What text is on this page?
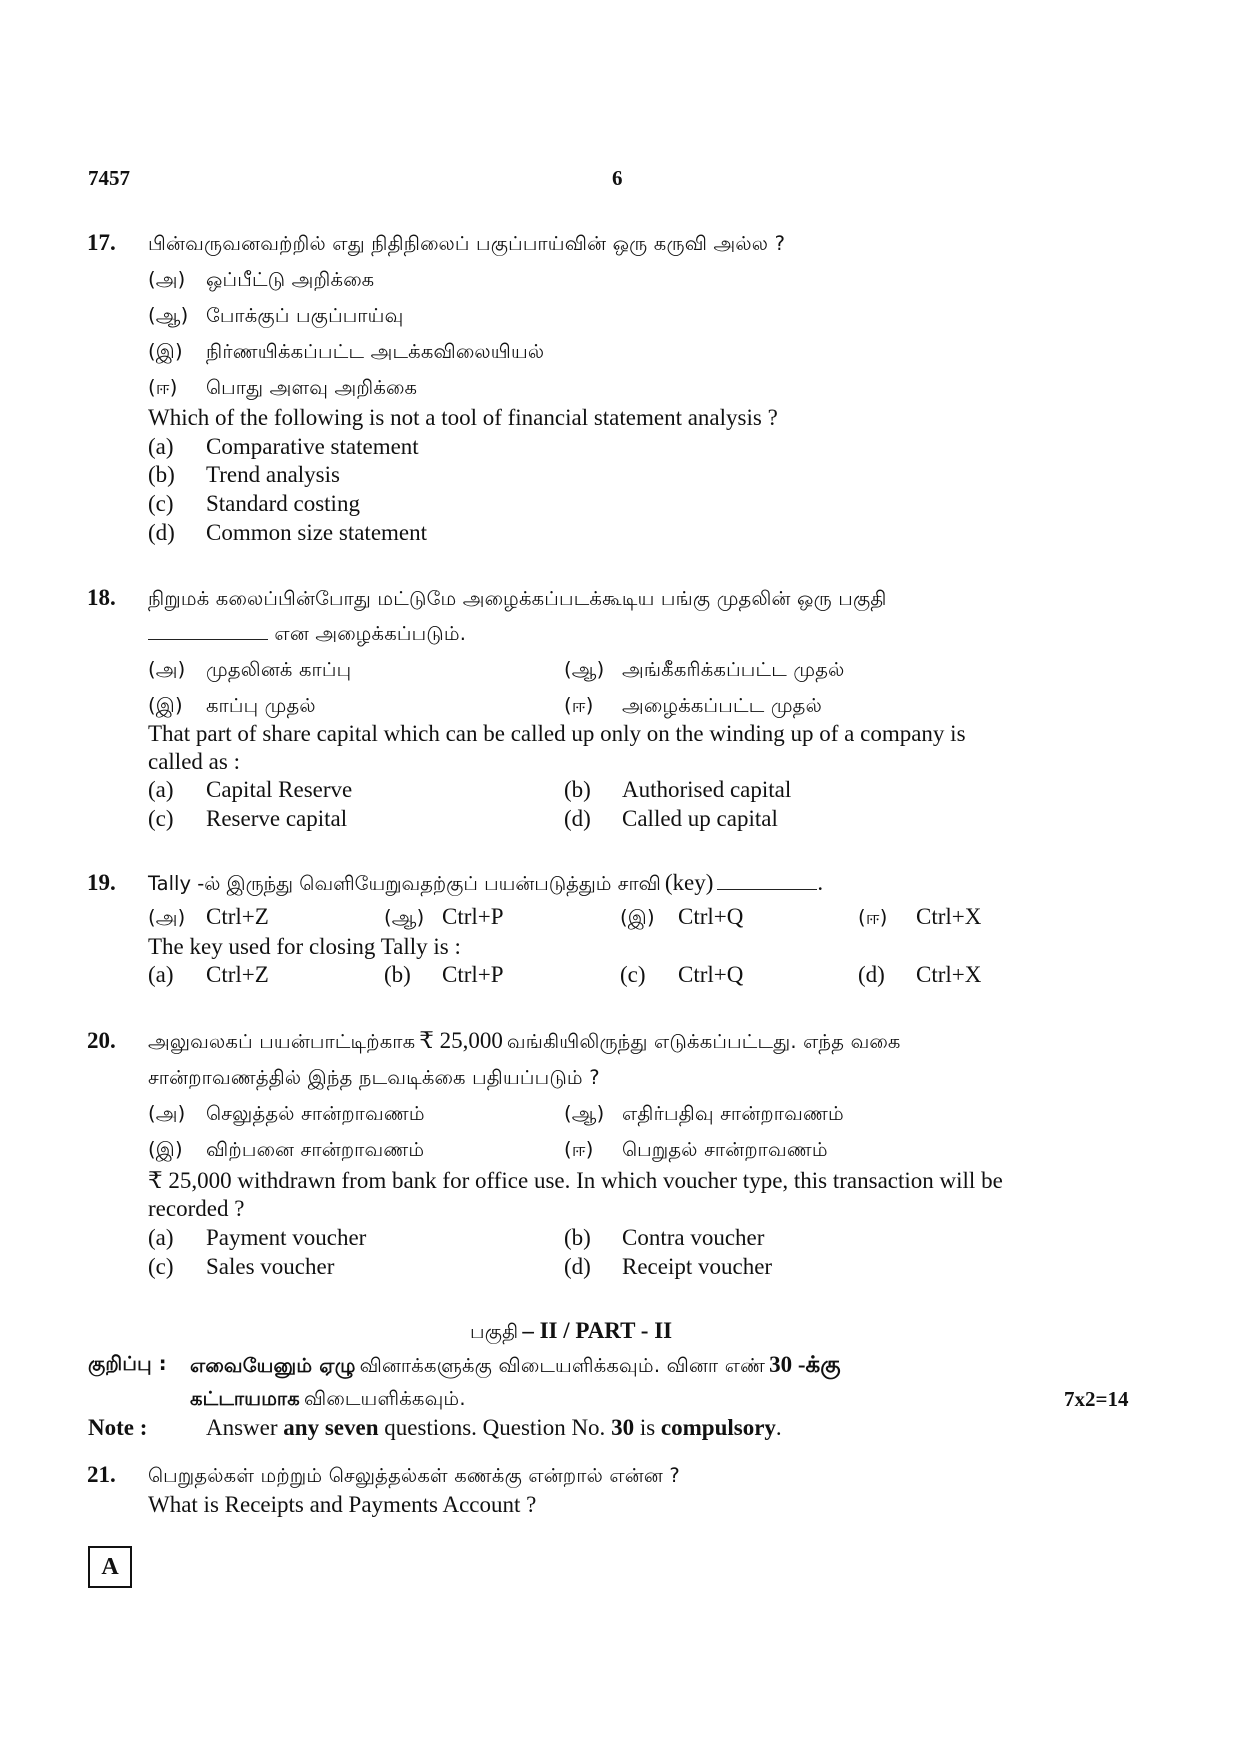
7457	6
17. பின்வருவனவற்றில் எது நிதிநிலைப் பகுப்பாய்வின் ஒரு கருவி அல்ல ?
(அ) ஒப்பீட்டு அறிக்கை
(ஆ) போக்குப் பகுப்பாய்வு
(இ) நிர்ணயிக்கப்பட்ட அடக்கவிலையியல்
(ஈ) பொது அளவு அறிக்கை
Which of the following is not a tool of financial statement analysis ?
(a) Comparative statement
(b) Trend analysis
(c) Standard costing
(d) Common size statement
18. நிறுமக் கலைப்பின்போது மட்டுமே அழைக்கப்படக்கூடிய பங்கு முதலின் ஒரு பகுதி
என அழைக்கப்படும்.
(அ) முதலினக் காப்பு	(ஆ) அங்கீகரிக்கப்பட்ட முதல்
(இ) காப்பு முதல்	(ஈ) அழைக்கப்பட்ட முதல்
That part of share capital which can be called up only on the winding up of a company is
called as :
(a) Capital Reserve	(b) Authorised capital
(c) Reserve capital	(d) Called up capital
19. Tally -ல் இருந்து வெளியேறுவதற்குப் பயன்படுத்தும் சாவி (key)	.
(அ) Ctrl+Z	(ஆ) Ctrl+P	(இ) Ctrl+Q	(ஈ) Ctrl+X
The key used for closing Tally is :
(a) Ctrl+Z	(b) Ctrl+P	(c) Ctrl+Q	(d) Ctrl+X
20. அலுவலகப் பயன்பாட்டிற்காக ₹ 25,000 வங்கியிலிருந்து எடுக்கப்பட்டது. எந்த வகை
சான்றாவணத்தில் இந்த நடவடிக்கை பதியப்படும் ?
(அ) செலுத்தல் சான்றாவணம்	(ஆ) எதிர்பதிவு சான்றாவணம்
(இ) விற்பனை சான்றாவணம்	(ஈ) பெறுதல் சான்றாவணம்
₹ 25,000 withdrawn from bank for office use. In which voucher type, this transaction will be
recorded ?
(a) Payment voucher	(b) Contra voucher
(c) Sales voucher	(d) Receipt voucher
பகுதி – II / PART - II
குறிப்பு : எவையேனும் ஏழு வினாக்களுக்கு விடையளிக்கவும். வினா எண் 30 -க்கு
கட்டாயமாக விடையளிக்கவும்.	7x2=14
Note :	Answer any seven questions. Question No. 30 is compulsory.
21. பெறுதல்கள் மற்றும் செலுத்தல்கள் கணக்கு என்றால் என்ன ?
What is Receipts and Payments Account ?
A
